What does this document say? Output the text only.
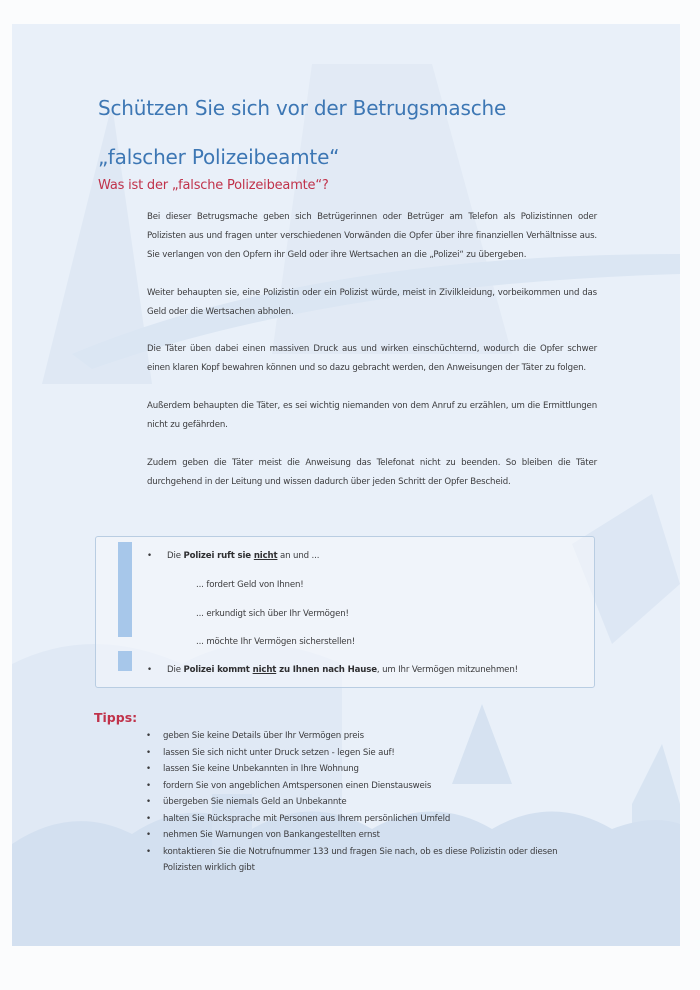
Schützen Sie sich vor der Betrugsmasche
„falscher Polizeibeamte“
Was ist der „falsche Polizeibeamte“?

Bei dieser Betrugsmache geben sich Betrügerinnen oder Betrüger am Telefon als Polizistinnen oder Polizisten aus und fragen unter verschiedenen Vorwänden die Opfer über ihre finanziellen Verhältnisse aus. Sie verlangen von den Opfern ihr Geld oder ihre Wertsachen an die „Polizei“ zu übergeben.

Weiter behaupten sie, eine Polizistin oder ein Polizist würde, meist in Zivilkleidung, vorbeikommen und das Geld oder die Wertsachen abholen.

Die Täter üben dabei einen massiven Druck aus und wirken einschüchternd, wodurch die Opfer schwer einen klaren Kopf bewahren können und so dazu gebracht werden, den Anweisungen der Täter zu folgen.

Außerdem behaupten die Täter, es sei wichtig niemanden von dem Anruf zu erzählen, um die Ermittlungen nicht zu gefährden.

Zudem geben die Täter meist die Anweisung das Telefonat nicht zu beenden. So bleiben die Täter durchgehend in der Leitung und wissen dadurch über jeden Schritt der Opfer Bescheid.

• Die Polizei ruft sie nicht an und ...
... fordert Geld von Ihnen!
... erkundigt sich über Ihr Vermögen!
... möchte Ihr Vermögen sicherstellen!
• Die Polizei kommt nicht zu Ihnen nach Hause, um Ihr Vermögen mitzunehmen!
Tipps:
• geben Sie keine Details über Ihr Vermögen preis
• lassen Sie sich nicht unter Druck setzen - legen Sie auf!
• lassen Sie keine Unbekannten in Ihre Wohnung
• fordern Sie von angeblichen Amtspersonen einen Dienstausweis
• übergeben Sie niemals Geld an Unbekannte
• halten Sie Rücksprache mit Personen aus Ihrem persönlichen Umfeld
• nehmen Sie Warnungen von Bankangestellten ernst
• kontaktieren Sie die Notrufnummer 133 und fragen Sie nach, ob es diese Polizistin oder diesen Polizisten wirklich gibt
